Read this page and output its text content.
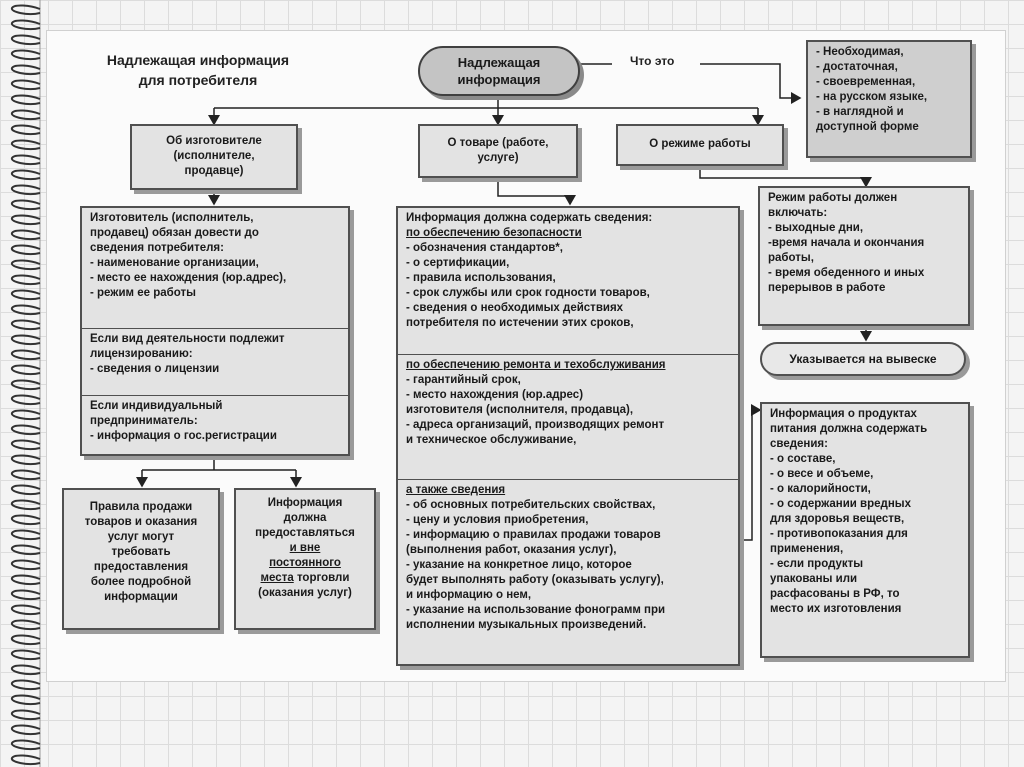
Надлежащая информация
для потребителя
Надлежащая
информация
Что это
- Необходимая,
- достаточная,
- своевременная,
- на русском языке,
- в наглядной и
доступной форме
Об изготовителе
(исполнителе,
продавце)
О товаре (работе,
услуге)
О режиме работы
Изготовитель (исполнитель,
продавец) обязан довести до
сведения потребителя:
- наименование организации,
- место ее нахождения (юр.адрес),
- режим ее работы
Если вид деятельности подлежит
лицензированию:
- сведения о лицензии
Если индивидуальный
предприниматель:
- информация о гос.регистрации
Правила продажи
товаров и оказания
услуг могут
требовать
предоставления
более подробной
информации
Информация
должна
предоставляться
и вне
постоянного
места торговли
(оказания услуг)
Информация должна содержать сведения:
по обеспечению безопасности
- обозначения стандартов*,
- о сертификации,
- правила использования,
- срок службы или срок годности товаров,
- сведения о необходимых действиях
потребителя по истечении этих сроков,
по обеспечению ремонта и техобслуживания
- гарантийный срок,
- место нахождения (юр.адрес)
изготовителя (исполнителя, продавца),
- адреса организаций, производящих ремонт
и техническое обслуживание,
а также сведения
- об основных потребительских свойствах,
- цену и условия приобретения,
- информацию о правилах продажи товаров
(выполнения работ, оказания услуг),
- указание на конкретное лицо, которое
будет выполнять работу (оказывать услугу),
и информацию о нем,
- указание на использование фонограмм при
исполнении музыкальных произведений.
Режим работы должен
включать:
- выходные дни,
-время начала и окончания
работы,
- время обеденного и иных
перерывов в работе
Указывается на вывеске
Информация о продуктах
питания должна содержать
сведения:
- о составе,
- о весе и объеме,
- о калорийности,
- о содержании вредных
для здоровья веществ,
- противопоказания для
применения,
- если продукты
упакованы или
расфасованы в РФ, то
место их изготовления
